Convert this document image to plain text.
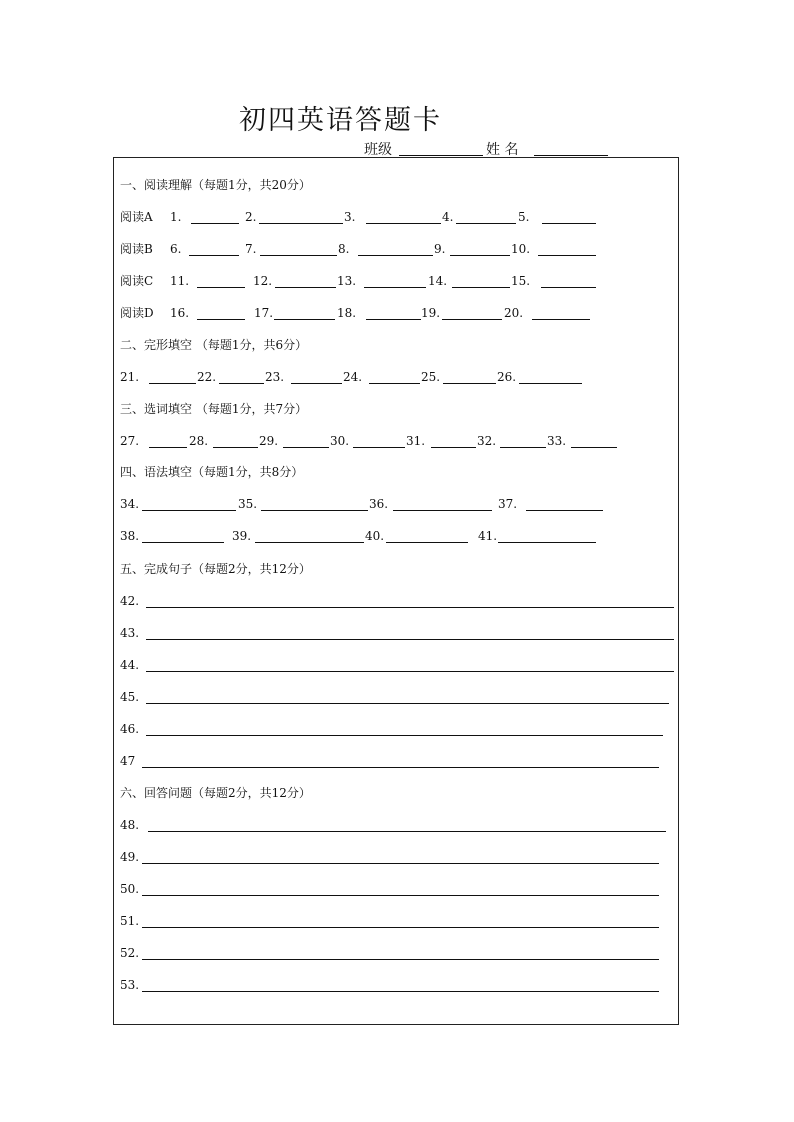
初四英语答题卡
班级	姓 名
一、阅读理解（每题1分，共20分）
阅读A 1.	2.	3.	4.	5.
阅读B 6.	7.	8.	9.	10.
阅读C 11.	12.	13.	14.	15.
阅读D 16.	17.	18.	19.	20.
二、完形填空 （每题1分，共6分）
21.	22.	23.	24.	25.	26.
三、选词填空 （每题1分，共7分）
27.	28.	29.	30.	31.	32.	33.
四、语法填空（每题1分，共8分）
34.	35.	36.	37.
38.	39.	40.	41.
五、完成句子（每题2分，共12分）
42.
43.
44.
45.
46.
47
六、回答问题（每题2分，共12分）
48.
49.
50.
51.
52.
53.
